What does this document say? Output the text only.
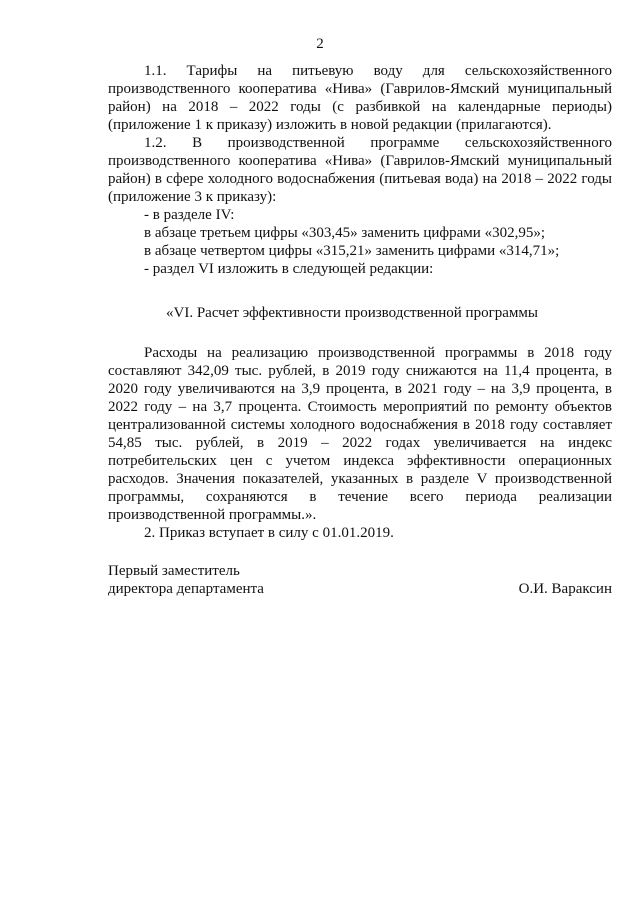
2

1.1. Тарифы на питьевую воду для сельскохозяйственного производственного кооператива «Нива» (Гаврилов-Ямский муниципальный район) на 2018 – 2022 годы (с разбивкой на календарные периоды) (приложение 1 к приказу) изложить в новой редакции (прилагаются).

1.2. В производственной программе сельскохозяйственного производственного кооператива «Нива» (Гаврилов-Ямский муниципальный район) в сфере холодного водоснабжения (питьевая вода) на 2018 – 2022 годы (приложение 3 к приказу):

- в разделе IV:

в абзаце третьем цифры «303,45» заменить цифрами «302,95»;

в абзаце четвертом цифры «315,21» заменить цифрами «314,71»;

- раздел VI изложить в следующей редакции:

«VI. Расчет эффективности производственной программы

Расходы на реализацию производственной программы в 2018 году составляют 342,09 тыс. рублей, в 2019 году снижаются на 11,4 процента, в 2020 году увеличиваются на 3,9 процента, в 2021 году – на 3,9 процента, в 2022 году – на 3,7 процента. Стоимость мероприятий по ремонту объектов централизованной системы холодного водоснабжения в 2018 году составляет 54,85 тыс. рублей, в 2019 – 2022 годах увеличивается на индекс потребительских цен с учетом индекса эффективности операционных расходов. Значения показателей, указанных в разделе V производственной программы, сохраняются в течение всего периода реализации производственной программы.».

2. Приказ вступает в силу с 01.01.2019.

Первый заместитель
директора департамента	О.И. Вараксин
